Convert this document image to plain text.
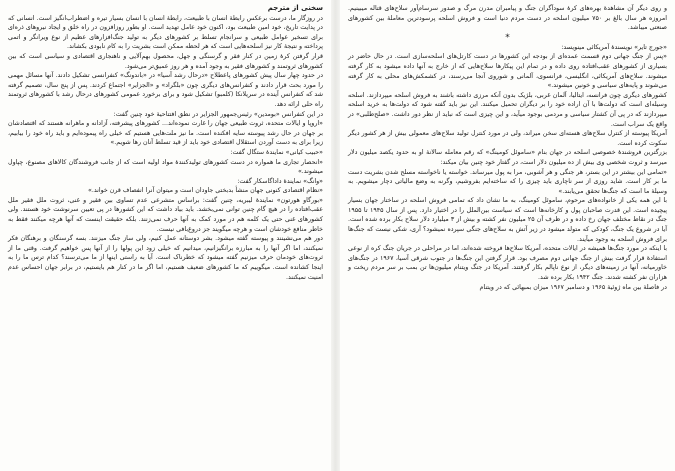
سخنی از مترجم

در روزگار ما، درست برعکس رابطهٔ انسان با طبیعت، رابطهٔ انسان با انسان بسیار تیره و اضطراب‌انگیز است. انسانی که در پدایت تاریخ، خود امین طبیعت بود، اکنون خود عامل تهدید است. او بطور روزافزون در راه خلق و ایجاد نیروهای ذره‌ای برای تسخیر عوامل طبیعی و سرانجام تسلط بر کشورهای دیگر به تولید جنگ‌افزارهای عظیم از نوع ویرانگر و اتمی پرداخته و نتیجهٔ کار نیز اسلحه‌هایی است که هر لحظه ممکن است بشریت را به کام نابودی بکشاند.

قرار گرفتن کرهٔ زمین در کنار فقر و گرسنگی و جهل، محصول بهم‌آلایی و ناهنجاری اقتصادی و سیاسی است که بین کشورهای ثروتمند و کشورهای فقیر به وجود آمده و هر روز عمیق‌تر می‌شود.

در حدود چهار سال پیش کشورهای پاعطلاح «درحال رشد آسیا» در «باندونگ» کنفرانسی تشکیل دادند. آنها مسائل مهمی را مورد بحث قرار دادند و کنفرانس‌های دیگری چون «بلگراد» و «الجزایر» اجتماع کردند. پس از پنج سال، تصمیم گرفته شد که کنفرانس آینده در سریلانکا (کلمبو) تشکیل شود و برای برخورد عمومی کشورهای درحال رشد با کشورهای ثروتمند راه حلی ارائه دهد.

در این کنفرانس «بومدین» رئیس‌جمهور الجزایر در نطق افتتاحیهٔ خود چنین گفت:

«اروپا و ایالات متحده، ثروت طبیعی جهان را غارت نموده‌اند... کشورهای پیشرفته، آزادانه و ماهرانه هستند که اقتصادشان بر جهان در حال رشد پیوسته سایه افکنده است. ما نیز ملت‌هایی هستیم که خیلی راه پیموده‌ایم و باید راه خود را بیابیم، زیرا برای به دست آوردن استقلال اقتصادی خود باید از قید تسلط آنان رها شویم.»

«حبیب کیانی» نمایندهٔ ستگال گفت:

«انحصار تجاری ما همواره در دست کشورهای تولیدکنندهٔ مواد اولیه است که از جانب فروشندگان کالاهای مصنوع، چپاول میشوند.»

«وانگ» نمایندهٔ داداگاسکار گفت:

«نظام اقتصادی کنونی جهان منشأ بدبختی جاودان است و میتوان آنرا انفصاف قرن خواند.»

«بورگاو هورتون» نمایندهٔ لیبریه، چنین گفت: براساس متشرعی عدم تساوی بین فقیر و غنی، ثروت ملل فقیر ملل عقب‌افتاده را در هیچ گام چنین توانی نمی‌بخشد. باید بیاد داشت که این کشورها در پی تعیین سرنوشت خود هستند. ولی کشورهای غنی حتی یک کلمه هم در مورد کمک به آنها حرف نمی‌زنند. بلکه حقیقت اینست که آنها هرچه میکنند فقط به خاطر منافع خودشان است و هرچه میگویند جز دروغ‌بافی نیست.

دور هم می‌نشینند و پیوسته گفته میشود. بشر دوستانه عمل کنیم، ولی ساز جنگ میزنند. بسه گرسنگان و برهنگان فکر نمیکنند، اما اگر آنها را به مبارزه برانگیزانیم، میدانیم که خیلی زود این پولها را از آنها پس خواهیم گرفت. وقتی ما از ثروت‌های خودمان حرف میزنیم گفته میشود که خطرناک است. آیا به راستی اینها از ما می‌ترسند؟ کدام ترس ما را به اینجا کشانده است. میگوییم که ما کشورهای ضعیف هستیم، اما اگر ما در کنار هم بایستیم، در برابر جهان احساس عدم امنیت نمیکنند.

و روی دیگر آن مشاهدهٔ بهره‌های کرهٔ سودآگران جنگ و پیامبران مدرن مرگ و صدور سرسام‌آور سلاح‌های قتاله میبینیم. امروزه هر سال بالغ بر ۷۵۰ میلیون اسلحه در دست مردم دنیا است و فروش اسلحه پرسودترین معاملهٔ بین کشورهای صنعتی میباشد.

*

«جورج تایر» نویسندهٔ آمریکائی مینویسد:

«پس از جنگ جهانی دوم قسمت عمده‌ای از بودجه این کشورها در دست کارتل‌های اسلحه‌سازی است. در حال حاضر در بسیاری از کشورهای عقب‌افتاده روی داده و در تمام این پیکارها سلاح‌هایی که از خارج به آنها داده میشود به کار گرفته میشوند. سلاح‌های آمریکائی، انگلیسی، فرانسوی، آلمانی و شوروی آنجا می‌رسند، در کشمکش‌های محلی به کار گرفته می‌شوند و پایه‌های سیاسی و خونین میشوند.»

کشورهای دیگری چون فرانسه، ایتالیا، آلمان غربی، بلژیک بدون آنکه مرزی داشته باشند به فروش اسلحه میپردازند. اسلحه وسیله‌ای است که دولت‌ها با آن اراده خود را بر دیگران تحمیل میکنند. این نیز باید گفته شود که دولت‌ها به خرید اسلحه میپردازند که در پی آن کشتار سیاسی و مردمی بوجود میآید، و این چیزی است که نباید از نظر دور داشت. «صلح‌طلبی» در واقع یک سراب است.

آمریکا پیوسته از کنترل سلاح‌های هسته‌ای سخن میراند، ولی در مورد کنترل تولید سلاح‌های معمولی بیش از هر کشور دیگر سکوت کرده است.

بزرگترین فروشندهٔ خصوصی اسلحه در جهان بنام «ساموئل کومینگ» که رقم معامله سالانهٔ او به حدود یکصد میلیون دلار میرسد و ثروت شخصی وی بیش از ده میلیون دلار است، در گفتار خود چنین بیان میکند:

«تمامی این بیشتر در این بستر، هر جنگی و هر آشوبی، مرا به پول میرساند. خواسته یا ناخواسته مسلح شدن بشریت دست ما بر کار است. شاید روزی از سر ناچاری باید چیزی را که ساخته‌ایم بفروشیم، وگرنه به وضع مالیاتی دچار میشویم. به وسیلهٔ ما است که جنگ‌ها تحقق می‌یابند.»

با این همه یکی از خانواده‌های مرحوم، ساموئل کومینگ، به ما نشان داد که تمامی فروش اسلحه در ساختار جهان بسیار پیچیده است. این قدرت صاحبان پول و کارخانه‌ها است که سیاست بین‌الملل را در اختیار دارد. پس از سال ۱۹۴۵ تا ۱۹۵۵ جنگ در نقاط مختلف جهان رخ داده و در ظرف آن ۲۵ میلیون نفر کشته و بیش از ۳ میلیارد دلار سلاح بکار برده شده است. آیا در شروع یک جنگ، کودکی که متولد میشود در زیر آتش به سلاح‌های جنگی سپرده نمیشود؟ آری، شکی نیست که جنگ‌ها برای فروش اسلحه به وجود میآیند.

با اینکه در مورد جنگ‌ها همیشه در ایالات متحده، آمریکا سلاح‌ها فروخته شده‌اند، اما در مراحلی در جریان جنگ کره از نوعی استفادهٔ قرار گرفت بیش از جنگ جهانی دوم مصرف بود. قرار گرفتن این جنگ‌ها در جنوب شرقی آسیا، ۱۹۶۷ در جنگ‌های خاورمیانه، آنها در زمینه‌های دیگر، از نوع ناپالم بکار گرفتند. آمریکا در جنگ ویتنام میلیون‌ها تن بمب بر سر مردم ریخت و هزاران نفر کشته شدند. جنگ ۱۹۴۲ بکار برده شد.

در فاصلهٔ بین ماه ژوئیهٔ ۱۹۶۵ و دسامبر ۱۹۶۷ میزان بمبهائی که در ویتنام
